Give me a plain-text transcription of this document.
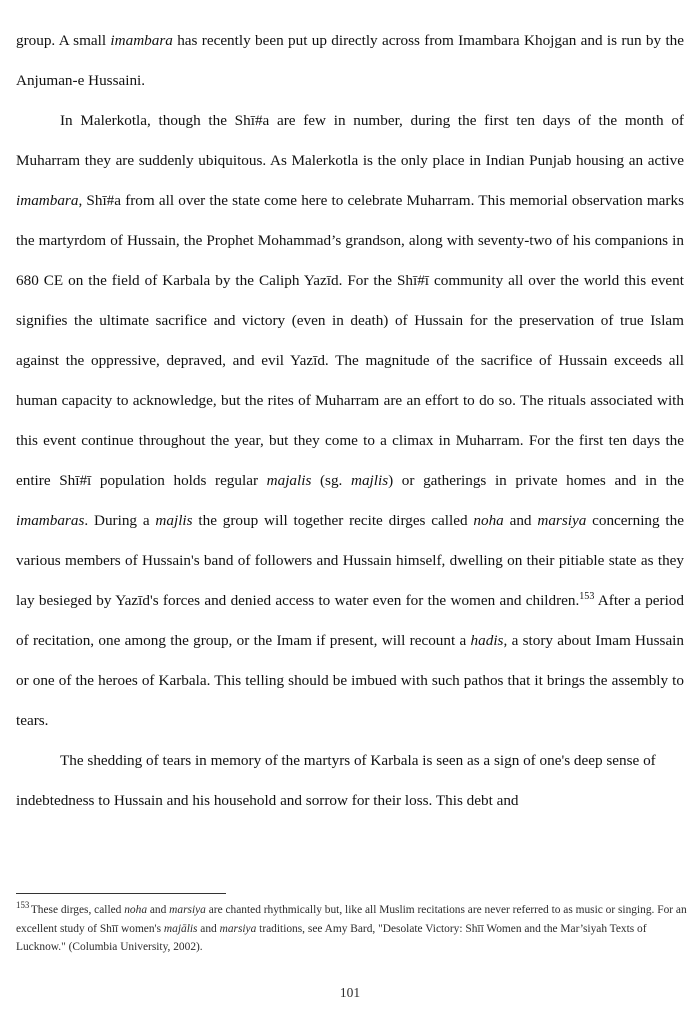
group. A small imambara has recently been put up directly across from Imambara Khojgan and is run by the Anjuman-e Hussaini.

In Malerkotla, though the Shī#a are few in number, during the first ten days of the month of Muharram they are suddenly ubiquitous. As Malerkotla is the only place in Indian Punjab housing an active imambara, Shī#a from all over the state come here to celebrate Muharram. This memorial observation marks the martyrdom of Hussain, the Prophet Mohammad’s grandson, along with seventy-two of his companions in 680 CE on the field of Karbala by the Caliph Yazīd. For the Shī#ī community all over the world this event signifies the ultimate sacrifice and victory (even in death) of Hussain for the preservation of true Islam against the oppressive, depraved, and evil Yazīd. The magnitude of the sacrifice of Hussain exceeds all human capacity to acknowledge, but the rites of Muharram are an effort to do so. The rituals associated with this event continue throughout the year, but they come to a climax in Muharram. For the first ten days the entire Shī#ī population holds regular majalis (sg. majlis) or gatherings in private homes and in the imambaras. During a majlis the group will together recite dirges called noha and marsiya concerning the various members of Hussain's band of followers and Hussain himself, dwelling on their pitiable state as they lay besieged by Yazīd's forces and denied access to water even for the women and children.$^{153}$ After a period of recitation, one among the group, or the Imam if present, will recount a hadis, a story about Imam Hussain or one of the heroes of Karbala. This telling should be imbued with such pathos that it brings the assembly to tears.

The shedding of tears in memory of the martyrs of Karbala is seen as a sign of one's deep sense of indebtedness to Hussain and his household and sorrow for their loss. This debt and

$^{153}$ These dirges, called noha and marsiya are chanted rhythmically but, like all Muslim recitations are never referred to as music or singing. For an excellent study of Shīī women's majālis and marsiya traditions, see Amy Bard, "Desolate Victory: Shīī Women and the Mar’siyah Texts of Lucknow." (Columbia University, 2002).

101
